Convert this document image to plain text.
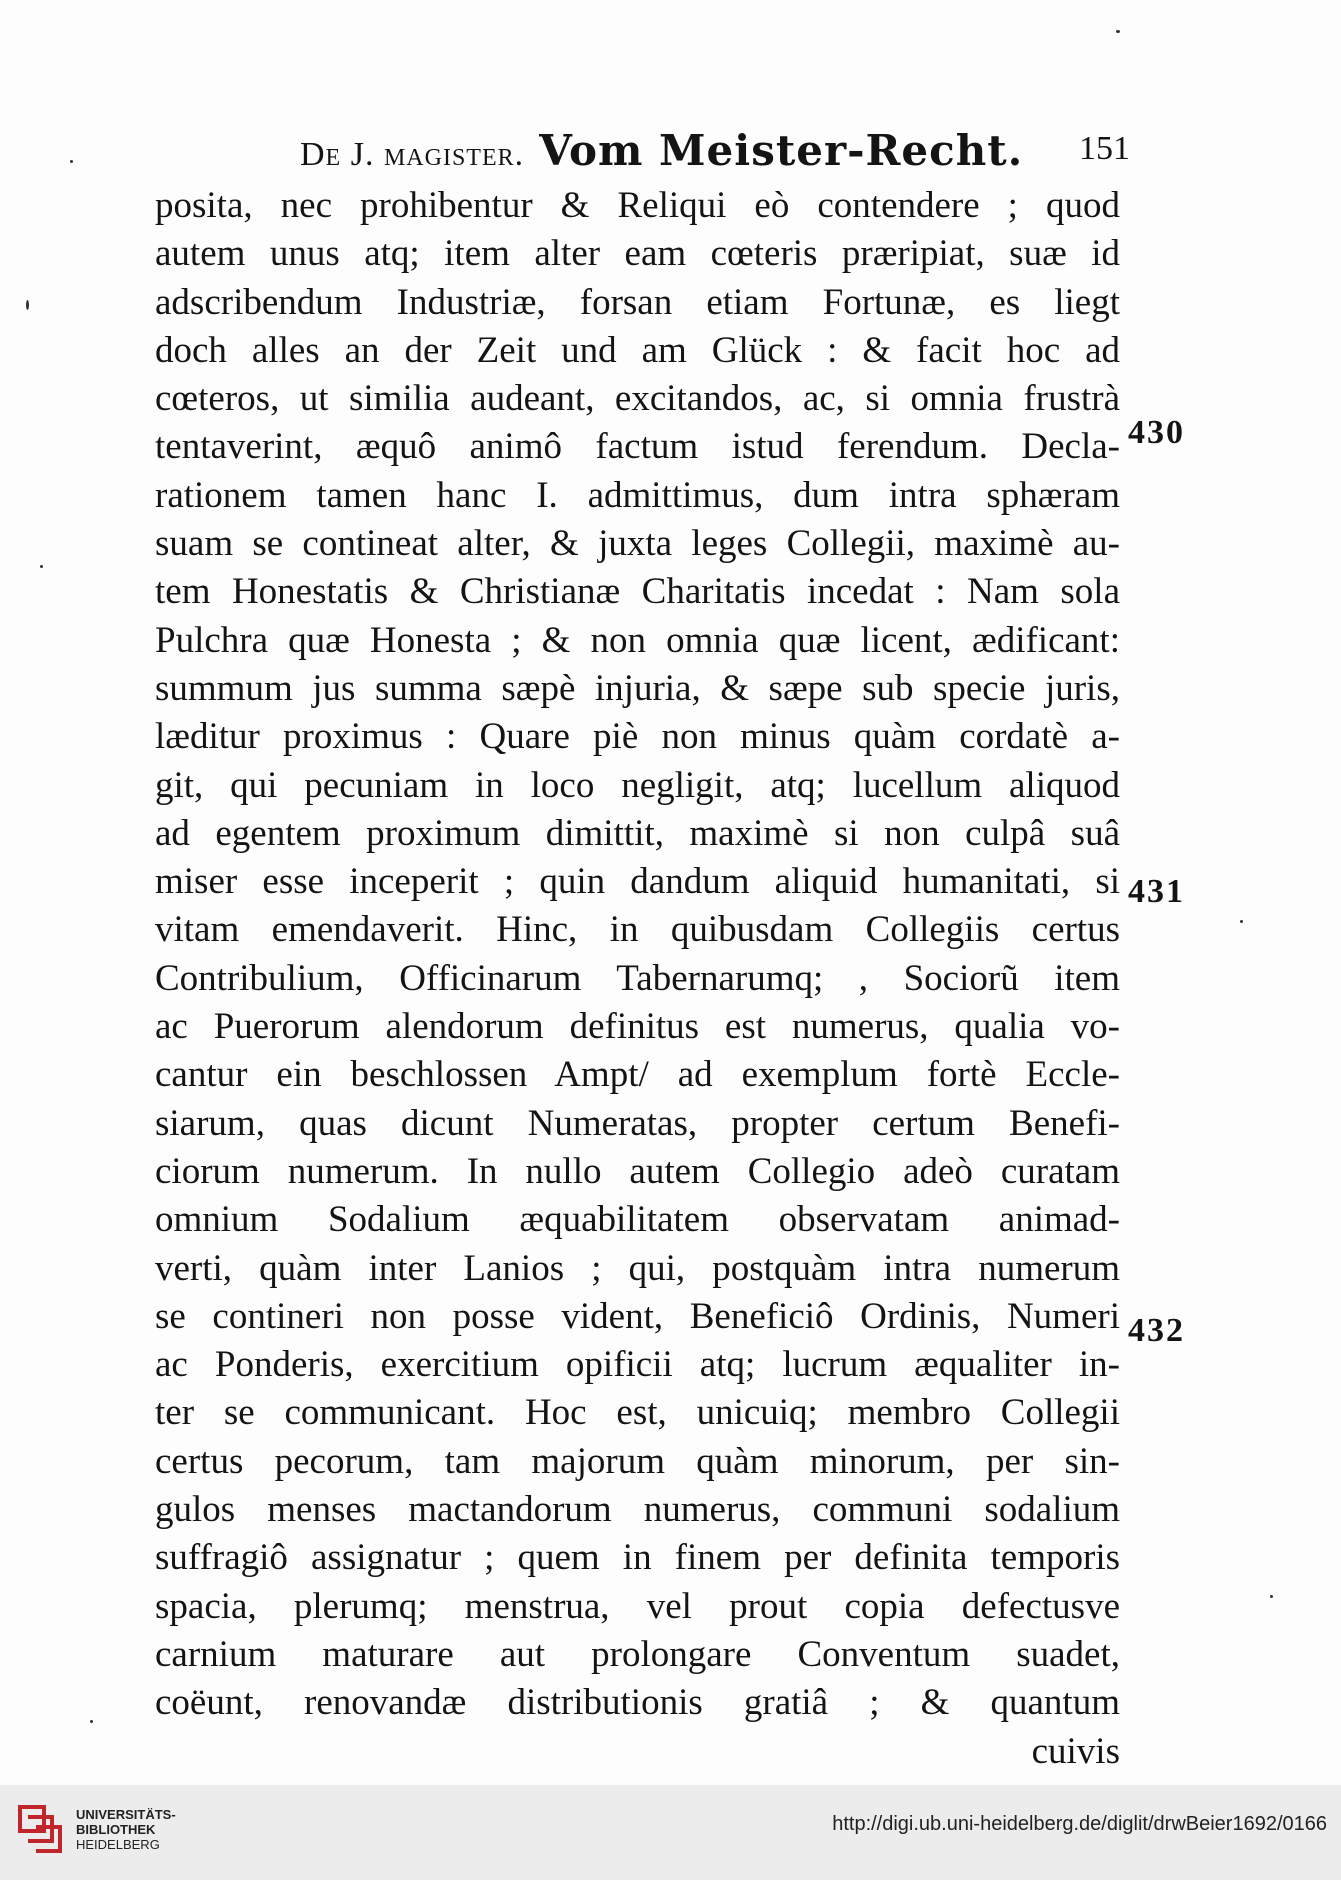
De J. magister. Vom Meister-Recht. 151
posita, nec prohibentur & Reliqui eò contendere ; quod
autem unus atq; item alter eam cœteris præripiat, suæ id
adscribendum Industriæ, forsan etiam Fortunæ, es liegt
doch alles an der Zeit und am Glück : & facit hoc ad
cœteros, ut similia audeant, excitandos, ac, si omnia frustrà
tentaverint, æquô animô factum istud ferendum. Decla-
rationem tamen hanc I. admittimus, dum intra sphæram
suam se contineat alter, & juxta leges Collegii, maximè au-
tem Honestatis & Christianæ Charitatis incedat : Nam sola
Pulchra quæ Honesta ; & non omnia quæ licent, ædificant:
summum jus summa sæpè injuria, & sæpe sub specie juris,
læditur proximus : Quare piè non minus quàm cordatè a-
git, qui pecuniam in loco negligit, atq; lucellum aliquod
ad egentem proximum dimittit, maximè si non culpâ suâ
miser esse inceperit ; quin dandum aliquid humanitati, si
vitam emendaverit. Hinc, in quibusdam Collegiis certus
Contribulium, Officinarum Tabernarumq; , Sociorũ item
ac Puerorum alendorum definitus est numerus, qualia vo-
cantur ein beschlossen Ampt/ ad exemplum fortè Eccle-
siarum, quas dicunt Numeratas, propter certum Benefi-
ciorum numerum. In nullo autem Collegio adeò curatam
omnium Sodalium æquabilitatem observatam animad-
verti, quàm inter Lanios ; qui, postquàm intra numerum
se contineri non posse vident, Beneficiô Ordinis, Numeri
ac Ponderis, exercitium opificii atq; lucrum æqualiter in-
ter se communicant. Hoc est, unicuiq; membro Collegii
certus pecorum, tam majorum quàm minorum, per sin-
gulos menses mactandorum numerus, communi sodalium
suffragiô assignatur ; quem in finem per definita temporis
spacia, plerumq; menstrua, vel prout copia defectusve
carnium maturare aut prolongare Conventum suadet,
coëunt, renovandæ distributionis gratiâ ; & quantum
cuivis
430
431
432
UNIVERSITÄTS-
BIBLIOTHEK
HEIDELBERG
http://digi.ub.uni-heidelberg.de/diglit/drwBeier1692/0166
